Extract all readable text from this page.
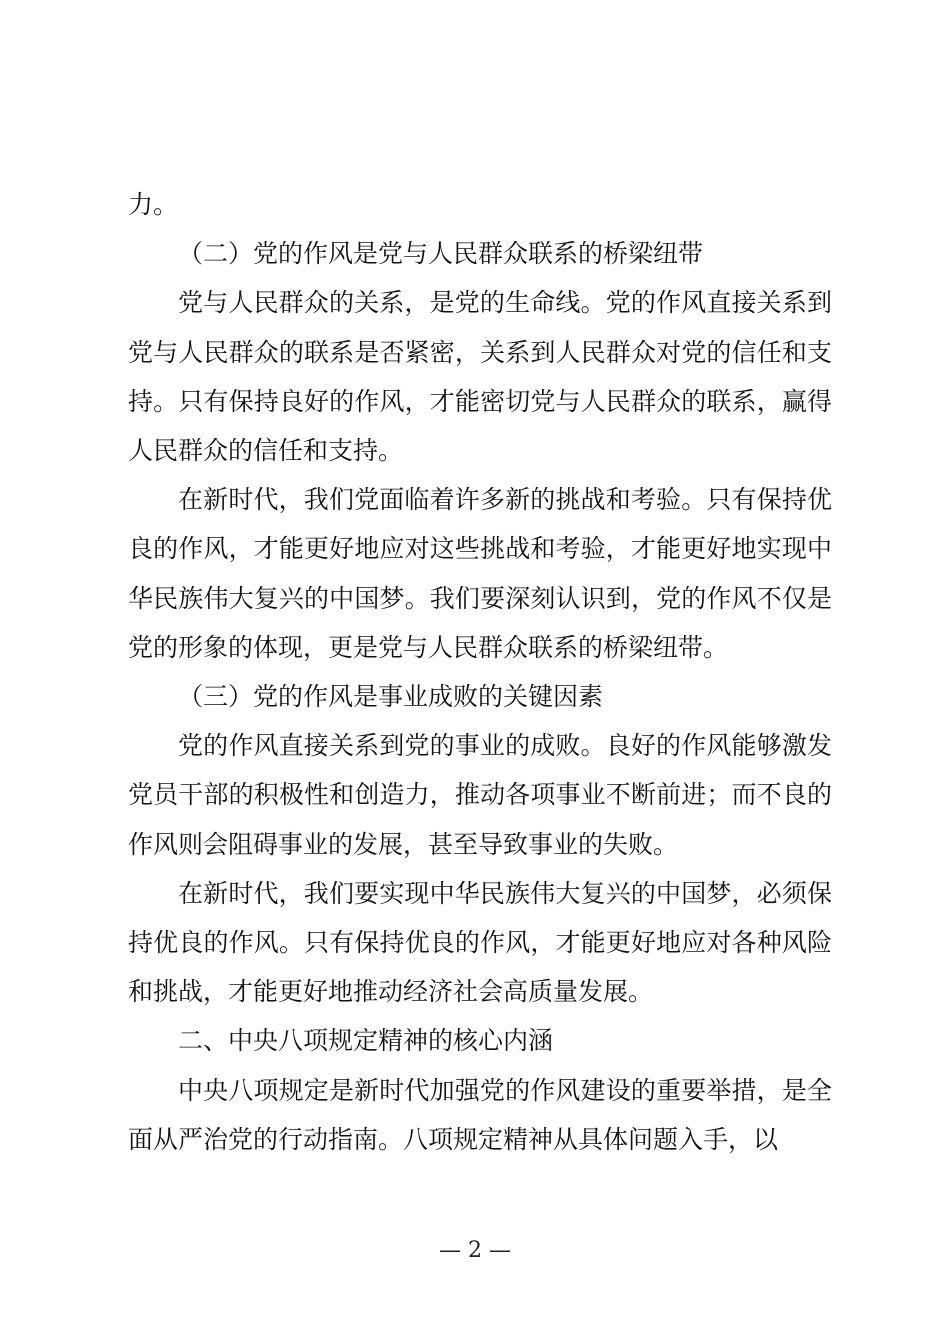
力。

（二）党的作风是党与人民群众联系的桥梁纽带

党与人民群众的关系，是党的生命线。党的作风直接关系到党与人民群众的联系是否紧密，关系到人民群众对党的信任和支持。只有保持良好的作风，才能密切党与人民群众的联系，赢得人民群众的信任和支持。

在新时代，我们党面临着许多新的挑战和考验。只有保持优良的作风，才能更好地应对这些挑战和考验，才能更好地实现中华民族伟大复兴的中国梦。我们要深刻认识到，党的作风不仅是党的形象的体现，更是党与人民群众联系的桥梁纽带。

（三）党的作风是事业成败的关键因素

党的作风直接关系到党的事业的成败。良好的作风能够激发党员干部的积极性和创造力，推动各项事业不断前进；而不良的作风则会阻碍事业的发展，甚至导致事业的失败。

在新时代，我们要实现中华民族伟大复兴的中国梦，必须保持优良的作风。只有保持优良的作风，才能更好地应对各种风险和挑战，才能更好地推动经济社会高质量发展。

二、中央八项规定精神的核心内涵

中央八项规定是新时代加强党的作风建设的重要举措，是全面从严治党的行动指南。八项规定精神从具体问题入手，以

— 2 —
